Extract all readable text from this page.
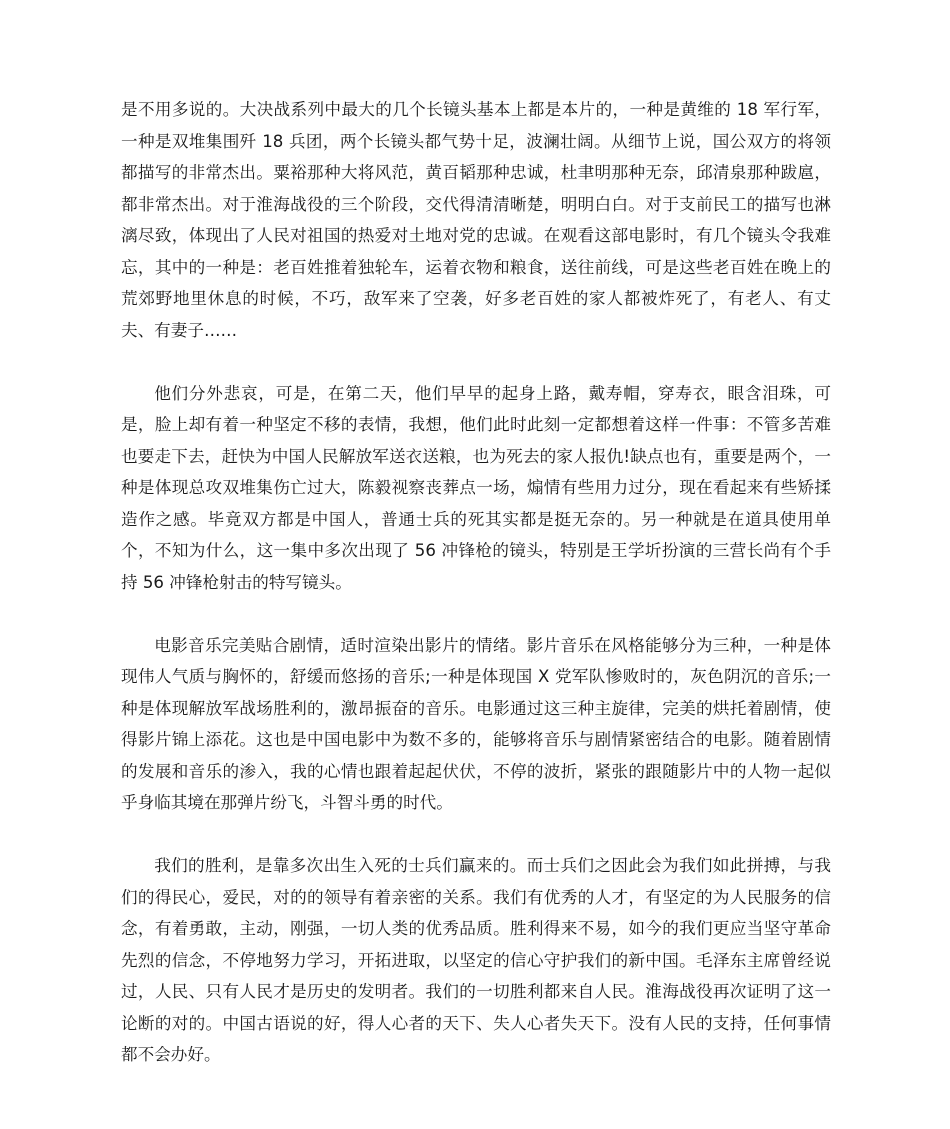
是不用多说的。大决战系列中最大的几个长镜头基本上都是本片的，一种是黄维的 18 军行军，一种是双堆集围歼 18 兵团，两个长镜头都气势十足，波澜壮阔。从细节上说，国公双方的将领都描写的非常杰出。粟裕那种大将风范，黄百韬那种忠诚，杜聿明那种无奈，邱清泉那种跋扈，都非常杰出。对于淮海战役的三个阶段，交代得清清晰楚，明明白白。对于支前民工的描写也淋漓尽致，体现出了人民对祖国的热爱对土地对党的忠诚。在观看这部电影时，有几个镜头令我难忘，其中的一种是：老百姓推着独轮车，运着衣物和粮食，送往前线，可是这些老百姓在晚上的荒郊野地里休息的时候，不巧，敌军来了空袭，好多老百姓的家人都被炸死了，有老人、有丈夫、有妻子……

他们分外悲哀，可是，在第二天，他们早早的起身上路，戴寿帽，穿寿衣，眼含泪珠，可是，脸上却有着一种坚定不移的表情，我想，他们此时此刻一定都想着这样一件事：不管多苦难也要走下去，赶快为中国人民解放军送衣送粮，也为死去的家人报仇!缺点也有，重要是两个，一种是体现总攻双堆集伤亡过大，陈毅视察丧葬点一场，煽情有些用力过分，现在看起来有些矫揉造作之感。毕竟双方都是中国人，普通士兵的死其实都是挺无奈的。另一种就是在道具使用单个，不知为什么，这一集中多次出现了 56 冲锋枪的镜头，特别是王学圻扮演的三营长尚有个手持 56 冲锋枪射击的特写镜头。

电影音乐完美贴合剧情，适时渲染出影片的情绪。影片音乐在风格能够分为三种，一种是体现伟人气质与胸怀的，舒缓而悠扬的音乐;一种是体现国 X 党军队惨败时的，灰色阴沉的音乐;一种是体现解放军战场胜利的，激昂振奋的音乐。电影通过这三种主旋律，完美的烘托着剧情，使得影片锦上添花。这也是中国电影中为数不多的，能够将音乐与剧情紧密结合的电影。随着剧情的发展和音乐的渗入，我的心情也跟着起起伏伏，不停的波折，紧张的跟随影片中的人物一起似乎身临其境在那弹片纷飞，斗智斗勇的时代。

我们的胜利，是靠多次出生入死的士兵们赢来的。而士兵们之因此会为我们如此拼搏，与我们的得民心，爱民，对的的领导有着亲密的关系。我们有优秀的人才，有坚定的为人民服务的信念，有着勇敢，主动，刚强，一切人类的优秀品质。胜利得来不易，如今的我们更应当坚守革命先烈的信念，不停地努力学习，开拓进取，以坚定的信心守护我们的新中国。毛泽东主席曾经说过，人民、只有人民才是历史的发明者。我们的一切胜利都来自人民。淮海战役再次证明了这一论断的对的。中国古语说的好，得人心者的天下、失人心者失天下。没有人民的支持，任何事情都不会办好。
